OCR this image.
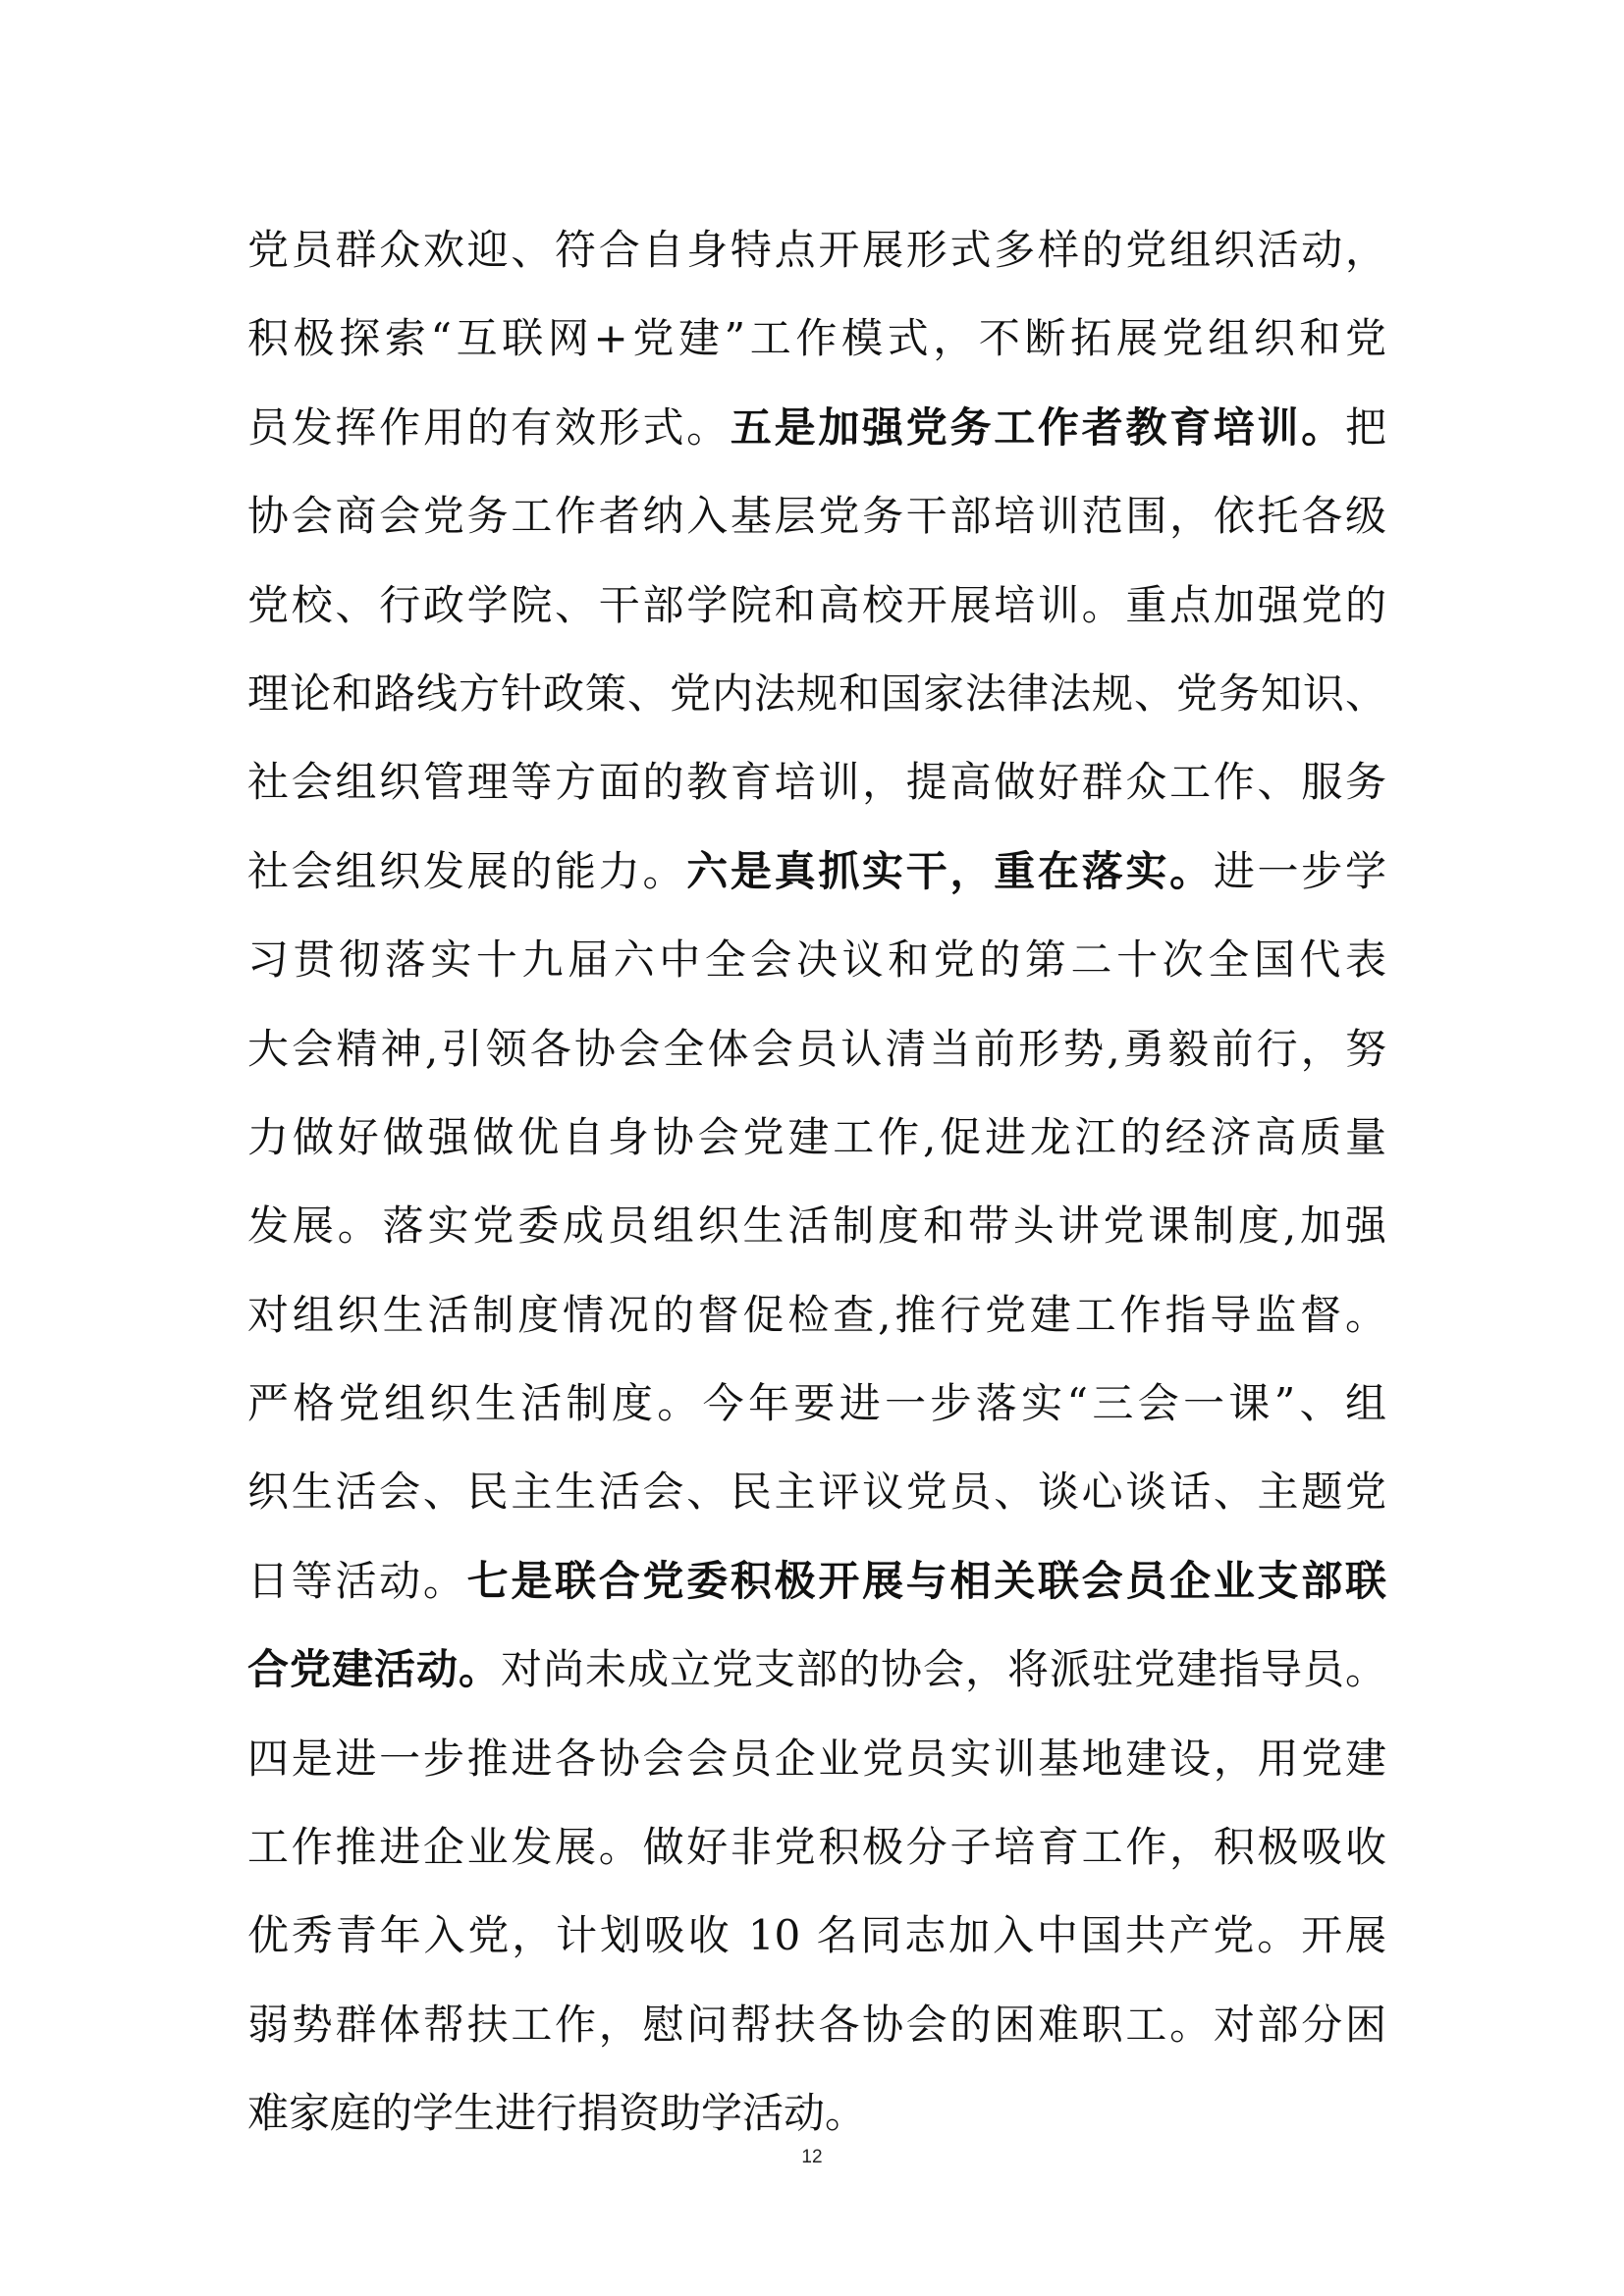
党员群众欢迎、符合自身特点开展形式多样的党组织活动，
积极探索“互联网+党建”工作模式，不断拓展党组织和党
员发挥作用的有效形式。五是加强党务工作者教育培训。把
协会商会党务工作者纳入基层党务干部培训范围，依托各级
党校、行政学院、干部学院和高校开展培训。重点加强党的
理论和路线方针政策、党内法规和国家法律法规、党务知识、
社会组织管理等方面的教育培训，提高做好群众工作、服务
社会组织发展的能力。六是真抓实干，重在落实。进一步学
习贯彻落实十九届六中全会决议和党的第二十次全国代表
大会精神,引领各协会全体会员认清当前形势,勇毅前行，努
力做好做强做优自身协会党建工作,促进龙江的经济高质量
发展。落实党委成员组织生活制度和带头讲党课制度,加强
对组织生活制度情况的督促检查,推行党建工作指导监督。
严格党组织生活制度。今年要进一步落实“三会一课”、组
织生活会、民主生活会、民主评议党员、谈心谈话、主题党
日等活动。七是联合党委积极开展与相关联会员企业支部联
合党建活动。对尚未成立党支部的协会，将派驻党建指导员。
四是进一步推进各协会会员企业党员实训基地建设，用党建
工作推进企业发展。做好非党积极分子培育工作，积极吸收
优秀青年入党，计划吸收 10 名同志加入中国共产党。开展
弱势群体帮扶工作，慰问帮扶各协会的困难职工。对部分困
难家庭的学生进行捐资助学活动。
12
